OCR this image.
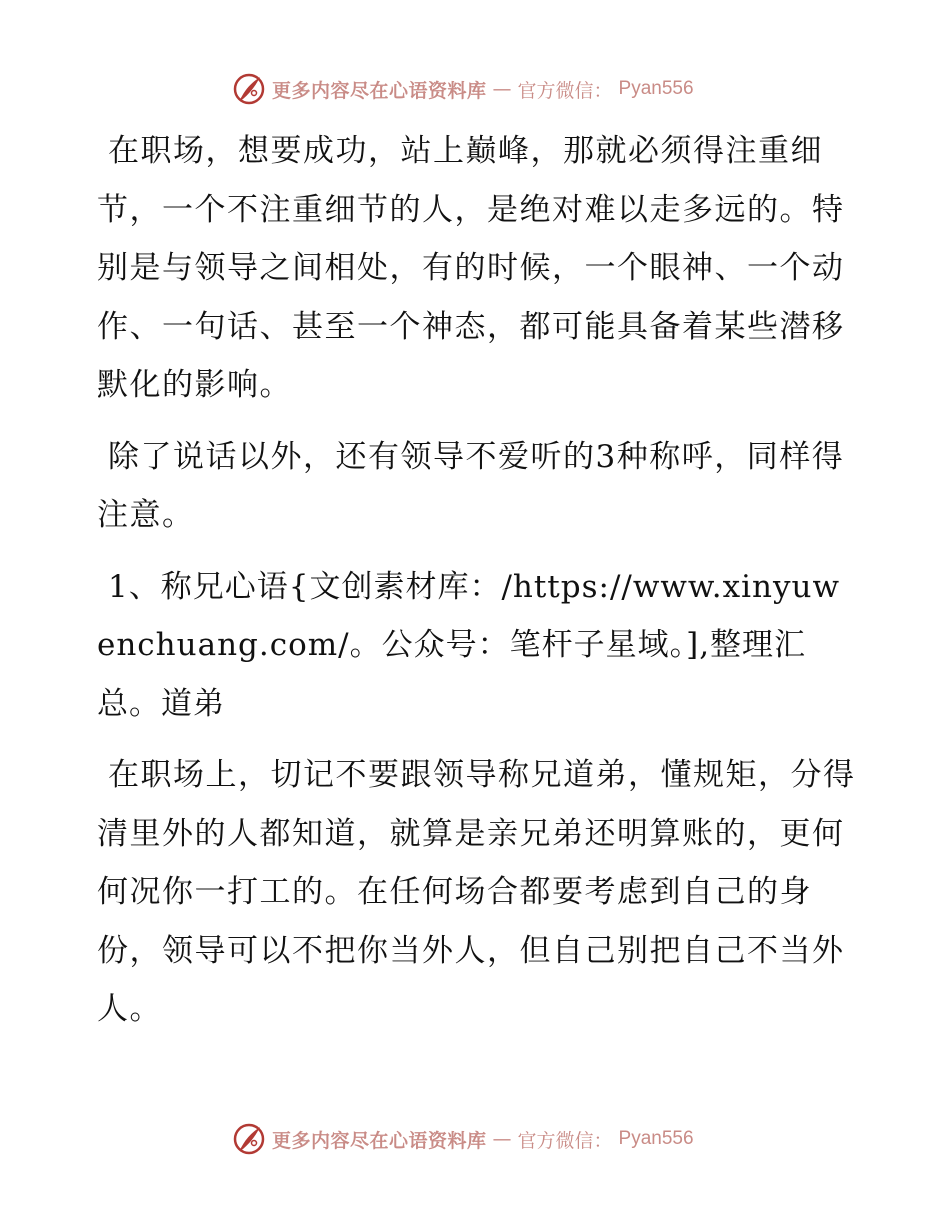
更多内容尽在心语资料库 — 官方微信： Pyan556

在职场，想要成功，站上巅峰，那就必须得注重细节，一个不注重细节的人，是绝对难以走多远的。特别是与领导之间相处，有的时候，一个眼神、一个动作、一句话、甚至一个神态，都可能具备着某些潜移默化的影响。

除了说话以外，还有领导不爱听的3种称呼，同样得注意。

1、称兄心语{文创素材库：/https://www.xinyuwenchuang.com/。公众号：笔杆子星域。],整理汇总。道弟

在职场上，切记不要跟领导称兄道弟，懂规矩，分得清里外的人都知道，就算是亲兄弟还明算账的，更何何况你一打工的。在任何场合都要考虑到自己的身份，领导可以不把你当外人，但自己别把自己不当外人。

更多内容尽在心语资料库 — 官方微信： Pyan556
